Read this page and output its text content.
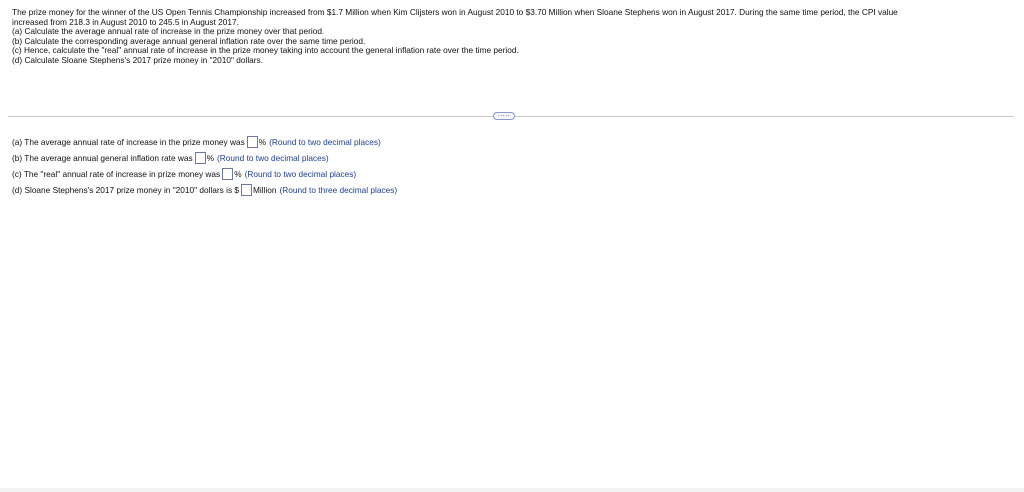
The prize money for the winner of the US Open Tennis Championship increased from $1.7 Million when Kim Clijsters won in August 2010 to $3.70 Million when Sloane Stephens won in August 2017. During the same time period, the CPI value

increased from 218.3 in August 2010 to 245.5 in August 2017.

(a) Calculate the average annual rate of increase in the prize money over that period.

(b) Calculate the corresponding average annual general inflation rate over the same time period.

(c) Hence, calculate the "real" annual rate of increase in the prize money taking into account the general inflation rate over the time period.

(d) Calculate Sloane Stephens's 2017 prize money in "2010" dollars.

.....
(a) The average annual rate of increase in the prize money was % (Round to two decimal places)
(b) The average annual general inflation rate was % (Round to two decimal places)
(c) The "real" annual rate of increase in prize money was % (Round to two decimal places)
(d) Sloane Stephens's 2017 prize money in "2010" dollars is $ Million (Round to three decimal places)
